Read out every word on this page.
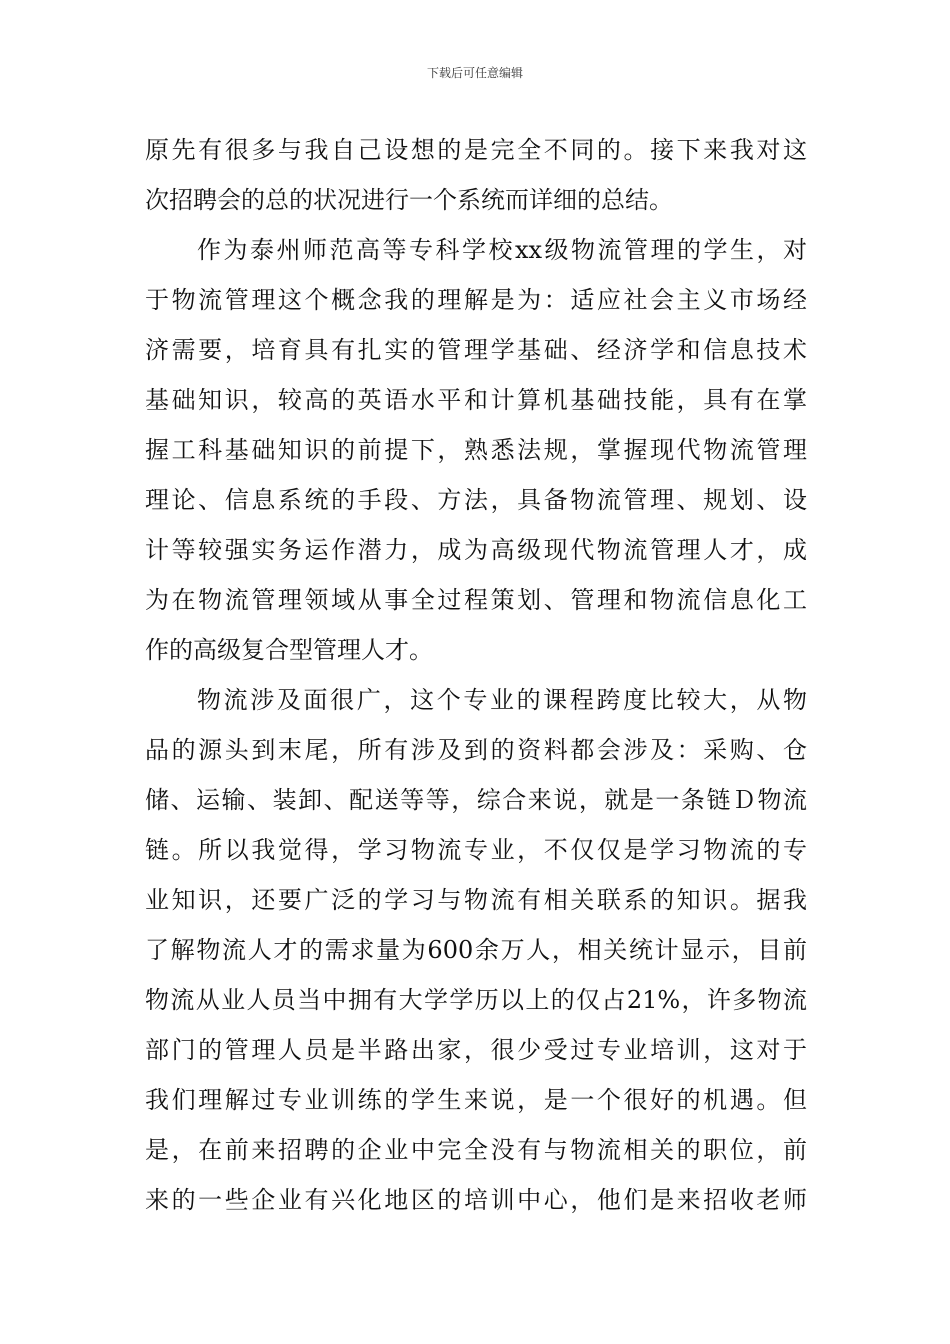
下载后可任意编辑
原先有很多与我自己设想的是完全不同的。接下来我对这
次招聘会的总的状况进行一个系统而详细的总结。
作为泰州师范高等专科学校xx级物流管理的学生，对
于物流管理这个概念我的理解是为：适应社会主义市场经
济需要，培育具有扎实的管理学基础、经济学和信息技术
基础知识，较高的英语水平和计算机基础技能，具有在掌
握工科基础知识的前提下，熟悉法规，掌握现代物流管理
理论、信息系统的手段、方法，具备物流管理、规划、设
计等较强实务运作潜力，成为高级现代物流管理人才，成
为在物流管理领域从事全过程策划、管理和物流信息化工
作的高级复合型管理人才。
物流涉及面很广，这个专业的课程跨度比较大，从物
品的源头到末尾，所有涉及到的资料都会涉及：采购、仓
储、运输、装卸、配送等等，综合来说，就是一条链Ｄ物流
链。所以我觉得，学习物流专业，不仅仅是学习物流的专
业知识，还要广泛的学习与物流有相关联系的知识。据我
了解物流人才的需求量为600余万人，相关统计显示，目前
物流从业人员当中拥有大学学历以上的仅占21%，许多物流
部门的管理人员是半路出家，很少受过专业培训，这对于
我们理解过专业训练的学生来说，是一个很好的机遇。但
是，在前来招聘的企业中完全没有与物流相关的职位，前
来的一些企业有兴化地区的培训中心，他们是来招收老师
